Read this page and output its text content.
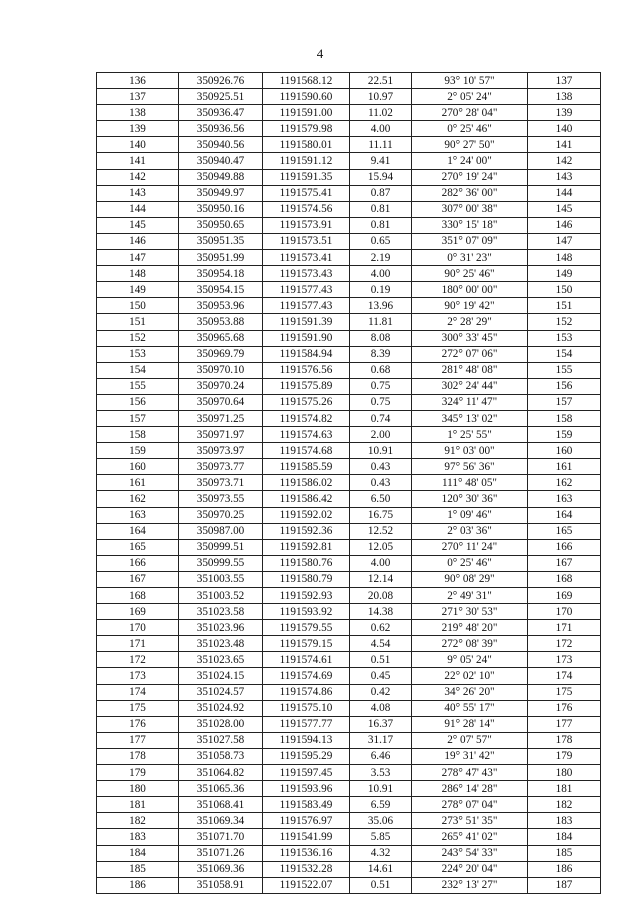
4
136	350926.76	1191568.12	22.51	93° 10' 57"	137
137	350925.51	1191590.60	10.97	2° 05' 24"	138
138	350936.47	1191591.00	11.02	270° 28' 04"	139
139	350936.56	1191579.98	4.00	0° 25' 46"	140
140	350940.56	1191580.01	11.11	90° 27' 50"	141
141	350940.47	1191591.12	9.41	1° 24' 00"	142
142	350949.88	1191591.35	15.94	270° 19' 24"	143
143	350949.97	1191575.41	0.87	282° 36' 00"	144
144	350950.16	1191574.56	0.81	307° 00' 38"	145
145	350950.65	1191573.91	0.81	330° 15' 18"	146
146	350951.35	1191573.51	0.65	351° 07' 09"	147
147	350951.99	1191573.41	2.19	0° 31' 23"	148
148	350954.18	1191573.43	4.00	90° 25' 46"	149
149	350954.15	1191577.43	0.19	180° 00' 00"	150
150	350953.96	1191577.43	13.96	90° 19' 42"	151
151	350953.88	1191591.39	11.81	2° 28' 29"	152
152	350965.68	1191591.90	8.08	300° 33' 45"	153
153	350969.79	1191584.94	8.39	272° 07' 06"	154
154	350970.10	1191576.56	0.68	281° 48' 08"	155
155	350970.24	1191575.89	0.75	302° 24' 44"	156
156	350970.64	1191575.26	0.75	324° 11' 47"	157
157	350971.25	1191574.82	0.74	345° 13' 02"	158
158	350971.97	1191574.63	2.00	1° 25' 55"	159
159	350973.97	1191574.68	10.91	91° 03' 00"	160
160	350973.77	1191585.59	0.43	97° 56' 36"	161
161	350973.71	1191586.02	0.43	111° 48' 05"	162
162	350973.55	1191586.42	6.50	120° 30' 36"	163
163	350970.25	1191592.02	16.75	1° 09' 46"	164
164	350987.00	1191592.36	12.52	2° 03' 36"	165
165	350999.51	1191592.81	12.05	270° 11' 24"	166
166	350999.55	1191580.76	4.00	0° 25' 46"	167
167	351003.55	1191580.79	12.14	90° 08' 29"	168
168	351003.52	1191592.93	20.08	2° 49' 31"	169
169	351023.58	1191593.92	14.38	271° 30' 53"	170
170	351023.96	1191579.55	0.62	219° 48' 20"	171
171	351023.48	1191579.15	4.54	272° 08' 39"	172
172	351023.65	1191574.61	0.51	9° 05' 24"	173
173	351024.15	1191574.69	0.45	22° 02' 10"	174
174	351024.57	1191574.86	0.42	34° 26' 20"	175
175	351024.92	1191575.10	4.08	40° 55' 17"	176
176	351028.00	1191577.77	16.37	91° 28' 14"	177
177	351027.58	1191594.13	31.17	2° 07' 57"	178
178	351058.73	1191595.29	6.46	19° 31' 42"	179
179	351064.82	1191597.45	3.53	278° 47' 43"	180
180	351065.36	1191593.96	10.91	286° 14' 28"	181
181	351068.41	1191583.49	6.59	278° 07' 04"	182
182	351069.34	1191576.97	35.06	273° 51' 35"	183
183	351071.70	1191541.99	5.85	265° 41' 02"	184
184	351071.26	1191536.16	4.32	243° 54' 33"	185
185	351069.36	1191532.28	14.61	224° 20' 04"	186
186	351058.91	1191522.07	0.51	232° 13' 27"	187
